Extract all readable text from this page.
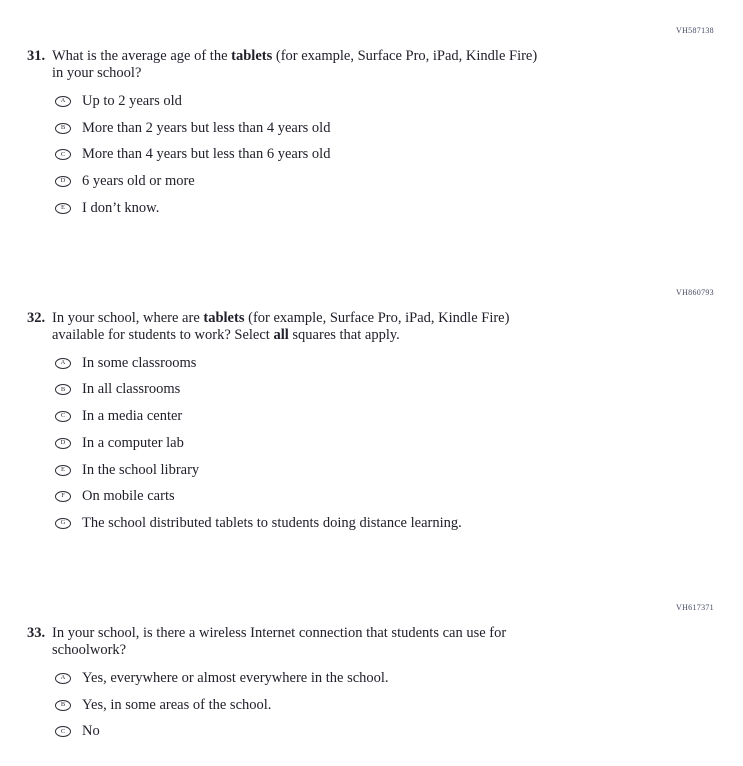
VH587138
31. What is the average age of the tablets (for example, Surface Pro, iPad, Kindle Fire)
in your school?
A Up to 2 years old
B More than 2 years but less than 4 years old
C More than 4 years but less than 6 years old
D 6 years old or more
E I don’t know.
VH860793
32. In your school, where are tablets (for example, Surface Pro, iPad, Kindle Fire)
available for students to work? Select all squares that apply.
A In some classrooms
B In all classrooms
C In a media center
D In a computer lab
E In the school library
F On mobile carts
G The school distributed tablets to students doing distance learning.
VH617371
33. In your school, is there a wireless Internet connection that students can use for
schoolwork?
A Yes, everywhere or almost everywhere in the school.
B Yes, in some areas of the school.
C No
